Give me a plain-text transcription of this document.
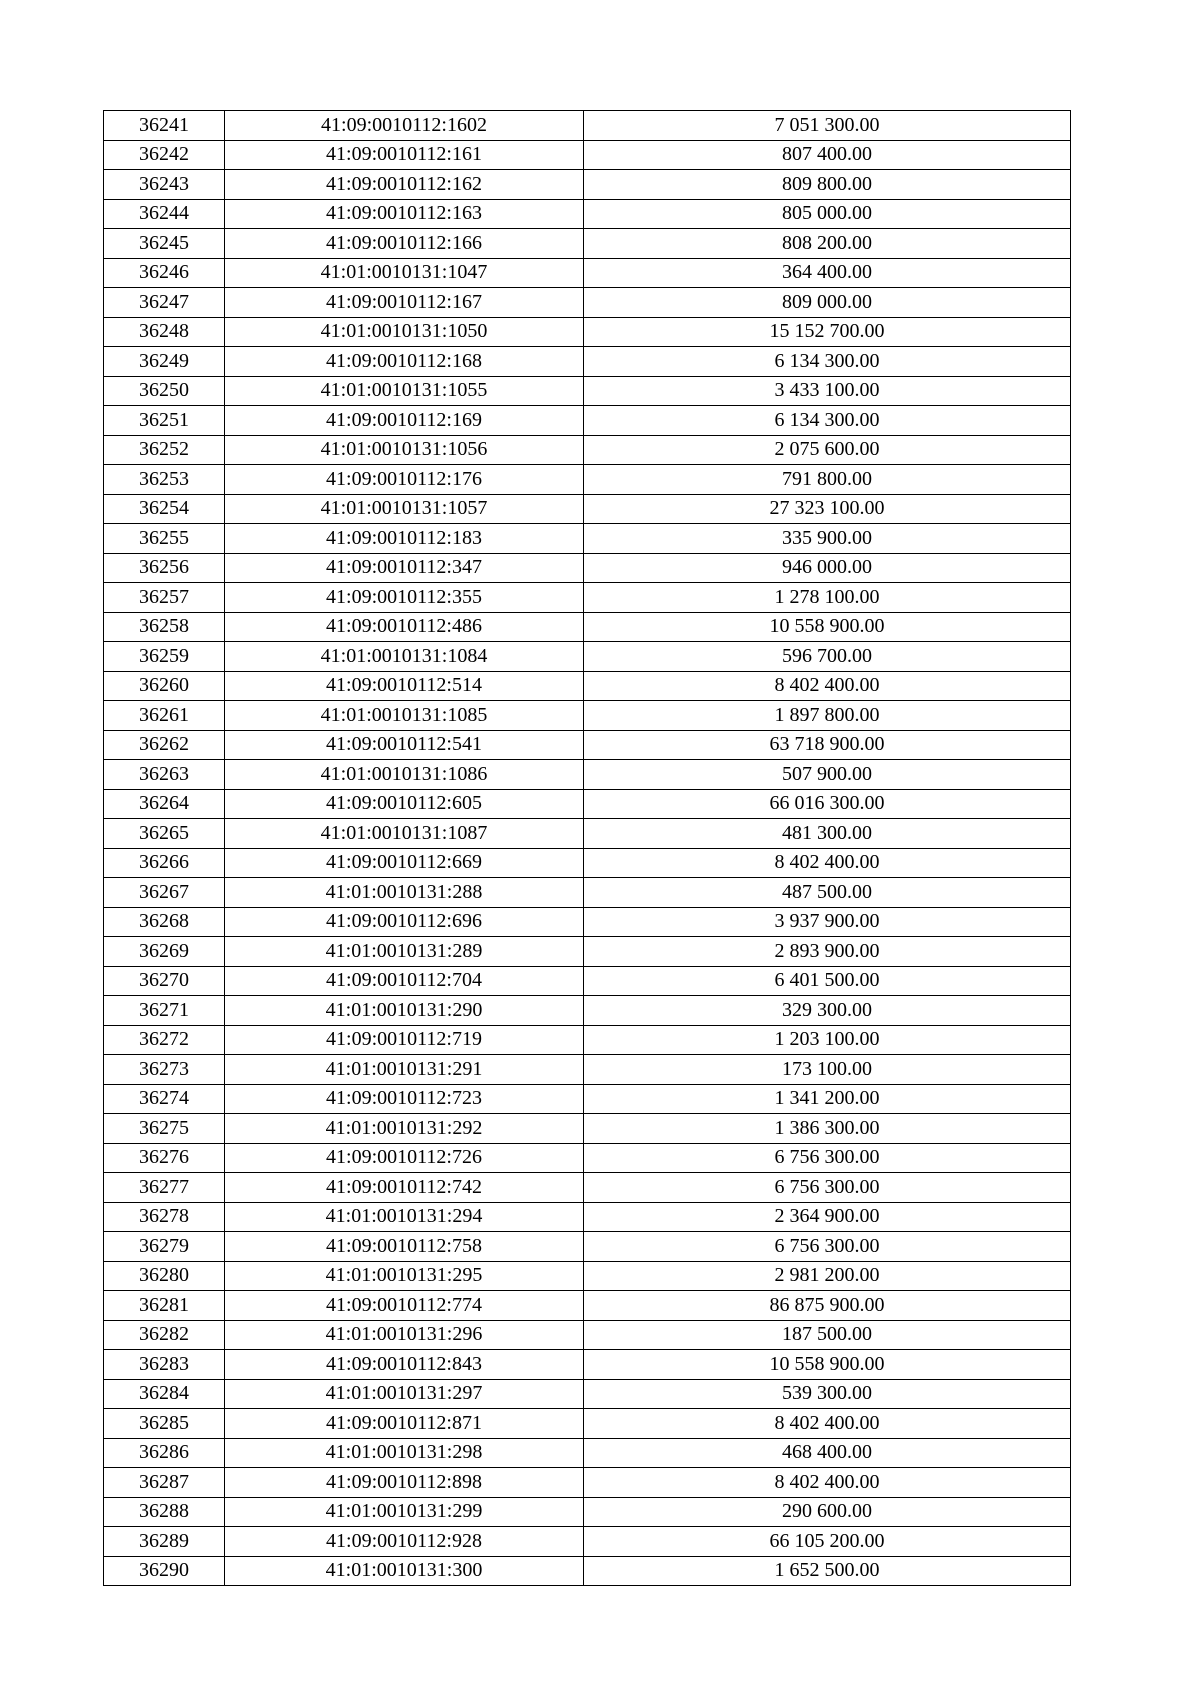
36241	41:09:0010112:1602	7 051 300.00
36242	41:09:0010112:161	807 400.00
36243	41:09:0010112:162	809 800.00
36244	41:09:0010112:163	805 000.00
36245	41:09:0010112:166	808 200.00
36246	41:01:0010131:1047	364 400.00
36247	41:09:0010112:167	809 000.00
36248	41:01:0010131:1050	15 152 700.00
36249	41:09:0010112:168	6 134 300.00
36250	41:01:0010131:1055	3 433 100.00
36251	41:09:0010112:169	6 134 300.00
36252	41:01:0010131:1056	2 075 600.00
36253	41:09:0010112:176	791 800.00
36254	41:01:0010131:1057	27 323 100.00
36255	41:09:0010112:183	335 900.00
36256	41:09:0010112:347	946 000.00
36257	41:09:0010112:355	1 278 100.00
36258	41:09:0010112:486	10 558 900.00
36259	41:01:0010131:1084	596 700.00
36260	41:09:0010112:514	8 402 400.00
36261	41:01:0010131:1085	1 897 800.00
36262	41:09:0010112:541	63 718 900.00
36263	41:01:0010131:1086	507 900.00
36264	41:09:0010112:605	66 016 300.00
36265	41:01:0010131:1087	481 300.00
36266	41:09:0010112:669	8 402 400.00
36267	41:01:0010131:288	487 500.00
36268	41:09:0010112:696	3 937 900.00
36269	41:01:0010131:289	2 893 900.00
36270	41:09:0010112:704	6 401 500.00
36271	41:01:0010131:290	329 300.00
36272	41:09:0010112:719	1 203 100.00
36273	41:01:0010131:291	173 100.00
36274	41:09:0010112:723	1 341 200.00
36275	41:01:0010131:292	1 386 300.00
36276	41:09:0010112:726	6 756 300.00
36277	41:09:0010112:742	6 756 300.00
36278	41:01:0010131:294	2 364 900.00
36279	41:09:0010112:758	6 756 300.00
36280	41:01:0010131:295	2 981 200.00
36281	41:09:0010112:774	86 875 900.00
36282	41:01:0010131:296	187 500.00
36283	41:09:0010112:843	10 558 900.00
36284	41:01:0010131:297	539 300.00
36285	41:09:0010112:871	8 402 400.00
36286	41:01:0010131:298	468 400.00
36287	41:09:0010112:898	8 402 400.00
36288	41:01:0010131:299	290 600.00
36289	41:09:0010112:928	66 105 200.00
36290	41:01:0010131:300	1 652 500.00
